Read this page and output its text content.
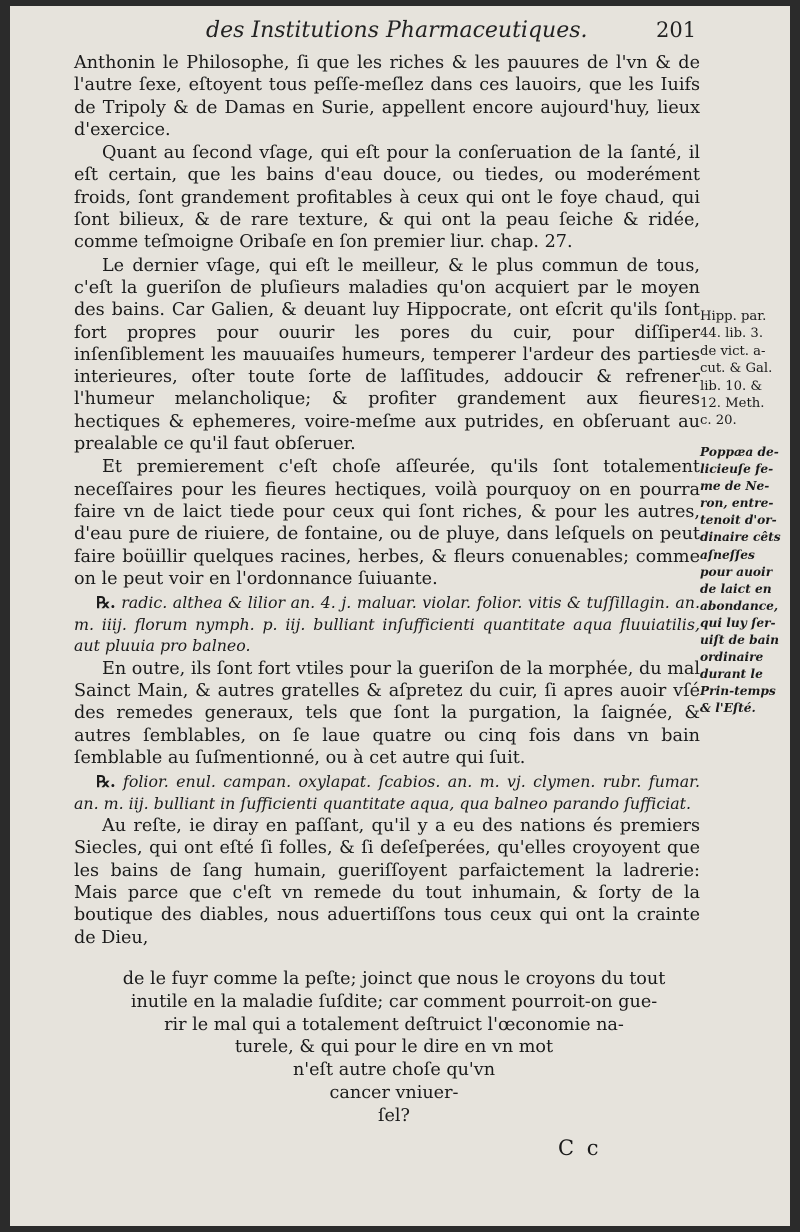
des Institutions Pharmaceutiques.	201

Anthonin le Philosophe, ſi que les riches & les pauures de l'vn & de l'autre ſexe, eſtoyent tous peſſe-meſlez dans ces lauoirs, que les Iuifs de Tripoly & de Damas en Surie, appellent encore aujourd'huy, lieux d'exercice.

Quant au ſecond vſage, qui eſt pour la conſeruation de la ſanté, il eſt certain, que les bains d'eau douce, ou tiedes, ou moderément froids, ſont grandement profitables à ceux qui ont le foye chaud, qui ſont bilieux, & de rare texture, & qui ont la peau ſeiche & ridée, comme teſmoigne Oribaſe en ſon premier liur. chap. 27.

Le dernier vſage, qui eſt le meilleur, & le plus commun de tous, c'eſt la gueriſon de pluſieurs maladies qu'on acquiert par le moyen des bains. Car Galien, & deuant luy Hippocrate, ont eſcrit qu'ils ſont fort propres pour ouurir les pores du cuir, pour diſſiper inſenſiblement les mauuaiſes humeurs, temperer l'ardeur des parties interieures, oſter toute ſorte de laſſitudes, addoucir & refrener l'humeur melancholique; & profiter grandement aux fieures hectiques & ephemeres, voire-meſme aux putrides, en obſeruant au prealable ce qu'il faut obſeruer.

Et premierement c'eſt choſe aſſeurée, qu'ils ſont totalement neceſſaires pour les fieures hectiques, voilà pourquoy on en pourra faire vn de laict tiede pour ceux qui ſont riches, & pour les autres, d'eau pure de riuiere, de fontaine, ou de pluye, dans leſquels on peut faire boüillir quelques racines, herbes, & fleurs conuenables; comme on le peut voir en l'ordonnance ſuiuante.

℞. radic. althea & lilior an. 4. j. maluar. violar. folior. vitis & tuſſillagin. an. m. iiij. florum nymph. p. iij. bulliant inſufficienti quantitate aqua fluuiatilis, aut pluuia pro balneo.

En outre, ils ſont fort vtiles pour la gueriſon de la morphée, du mal Sainct Main, & autres gratelles & aſpretez du cuir, ſi apres auoir vſé des remedes generaux, tels que ſont la purgation, la ſaignée, & autres ſemblables, on ſe laue quatre ou cinq fois dans vn bain ſemblable au ſuſmentionné, ou à cet autre qui ſuit.

℞. folior. enul. campan. oxylapat. ſcabios. an. m. vj. clymen. rubr. fumar. an. m. iij. bulliant in ſufficienti quantitate aqua, qua balneo parando ſufficiat.

Au reſte, ie diray en paſſant, qu'il y a eu des nations és premiers Siecles, qui ont eſté ſi folles, & ſi deſeſperées, qu'elles croyoyent que les bains de ſang humain, gueriſſoyent parfaictement la ladrerie: Mais parce que c'eſt vn remede du tout inhumain, & ſorty de la boutique des diables, nous aduertiſſons tous ceux qui ont la crainte de Dieu,

de le fuyr comme la peſte; joinct que nous le croyons du tout
inutile en la maladie ſuſdite; car comment pourroit-on gue-
rir le mal qui a totalement deſtruict l'œconomie na-
turele, & qui pour le dire en vn mot
n'eſt autre choſe qu'vn
cancer vniuer-
ſel?
Hipp. par.
44. lib. 3.
de vict. a-
cut. & Gal.
lib. 10. &
12. Meth.
c. 20.
Poppæa de-
licieuſe fe-
me de Ne-
ron, entre-
tenoit d'or-
dinaire cêts
aſneſſes
pour auoir
de laict en
abondance,
qui luy ſer-
uiſt de bain
ordinaire
durant le
Prin-temps
& l'Eſté.
C c
